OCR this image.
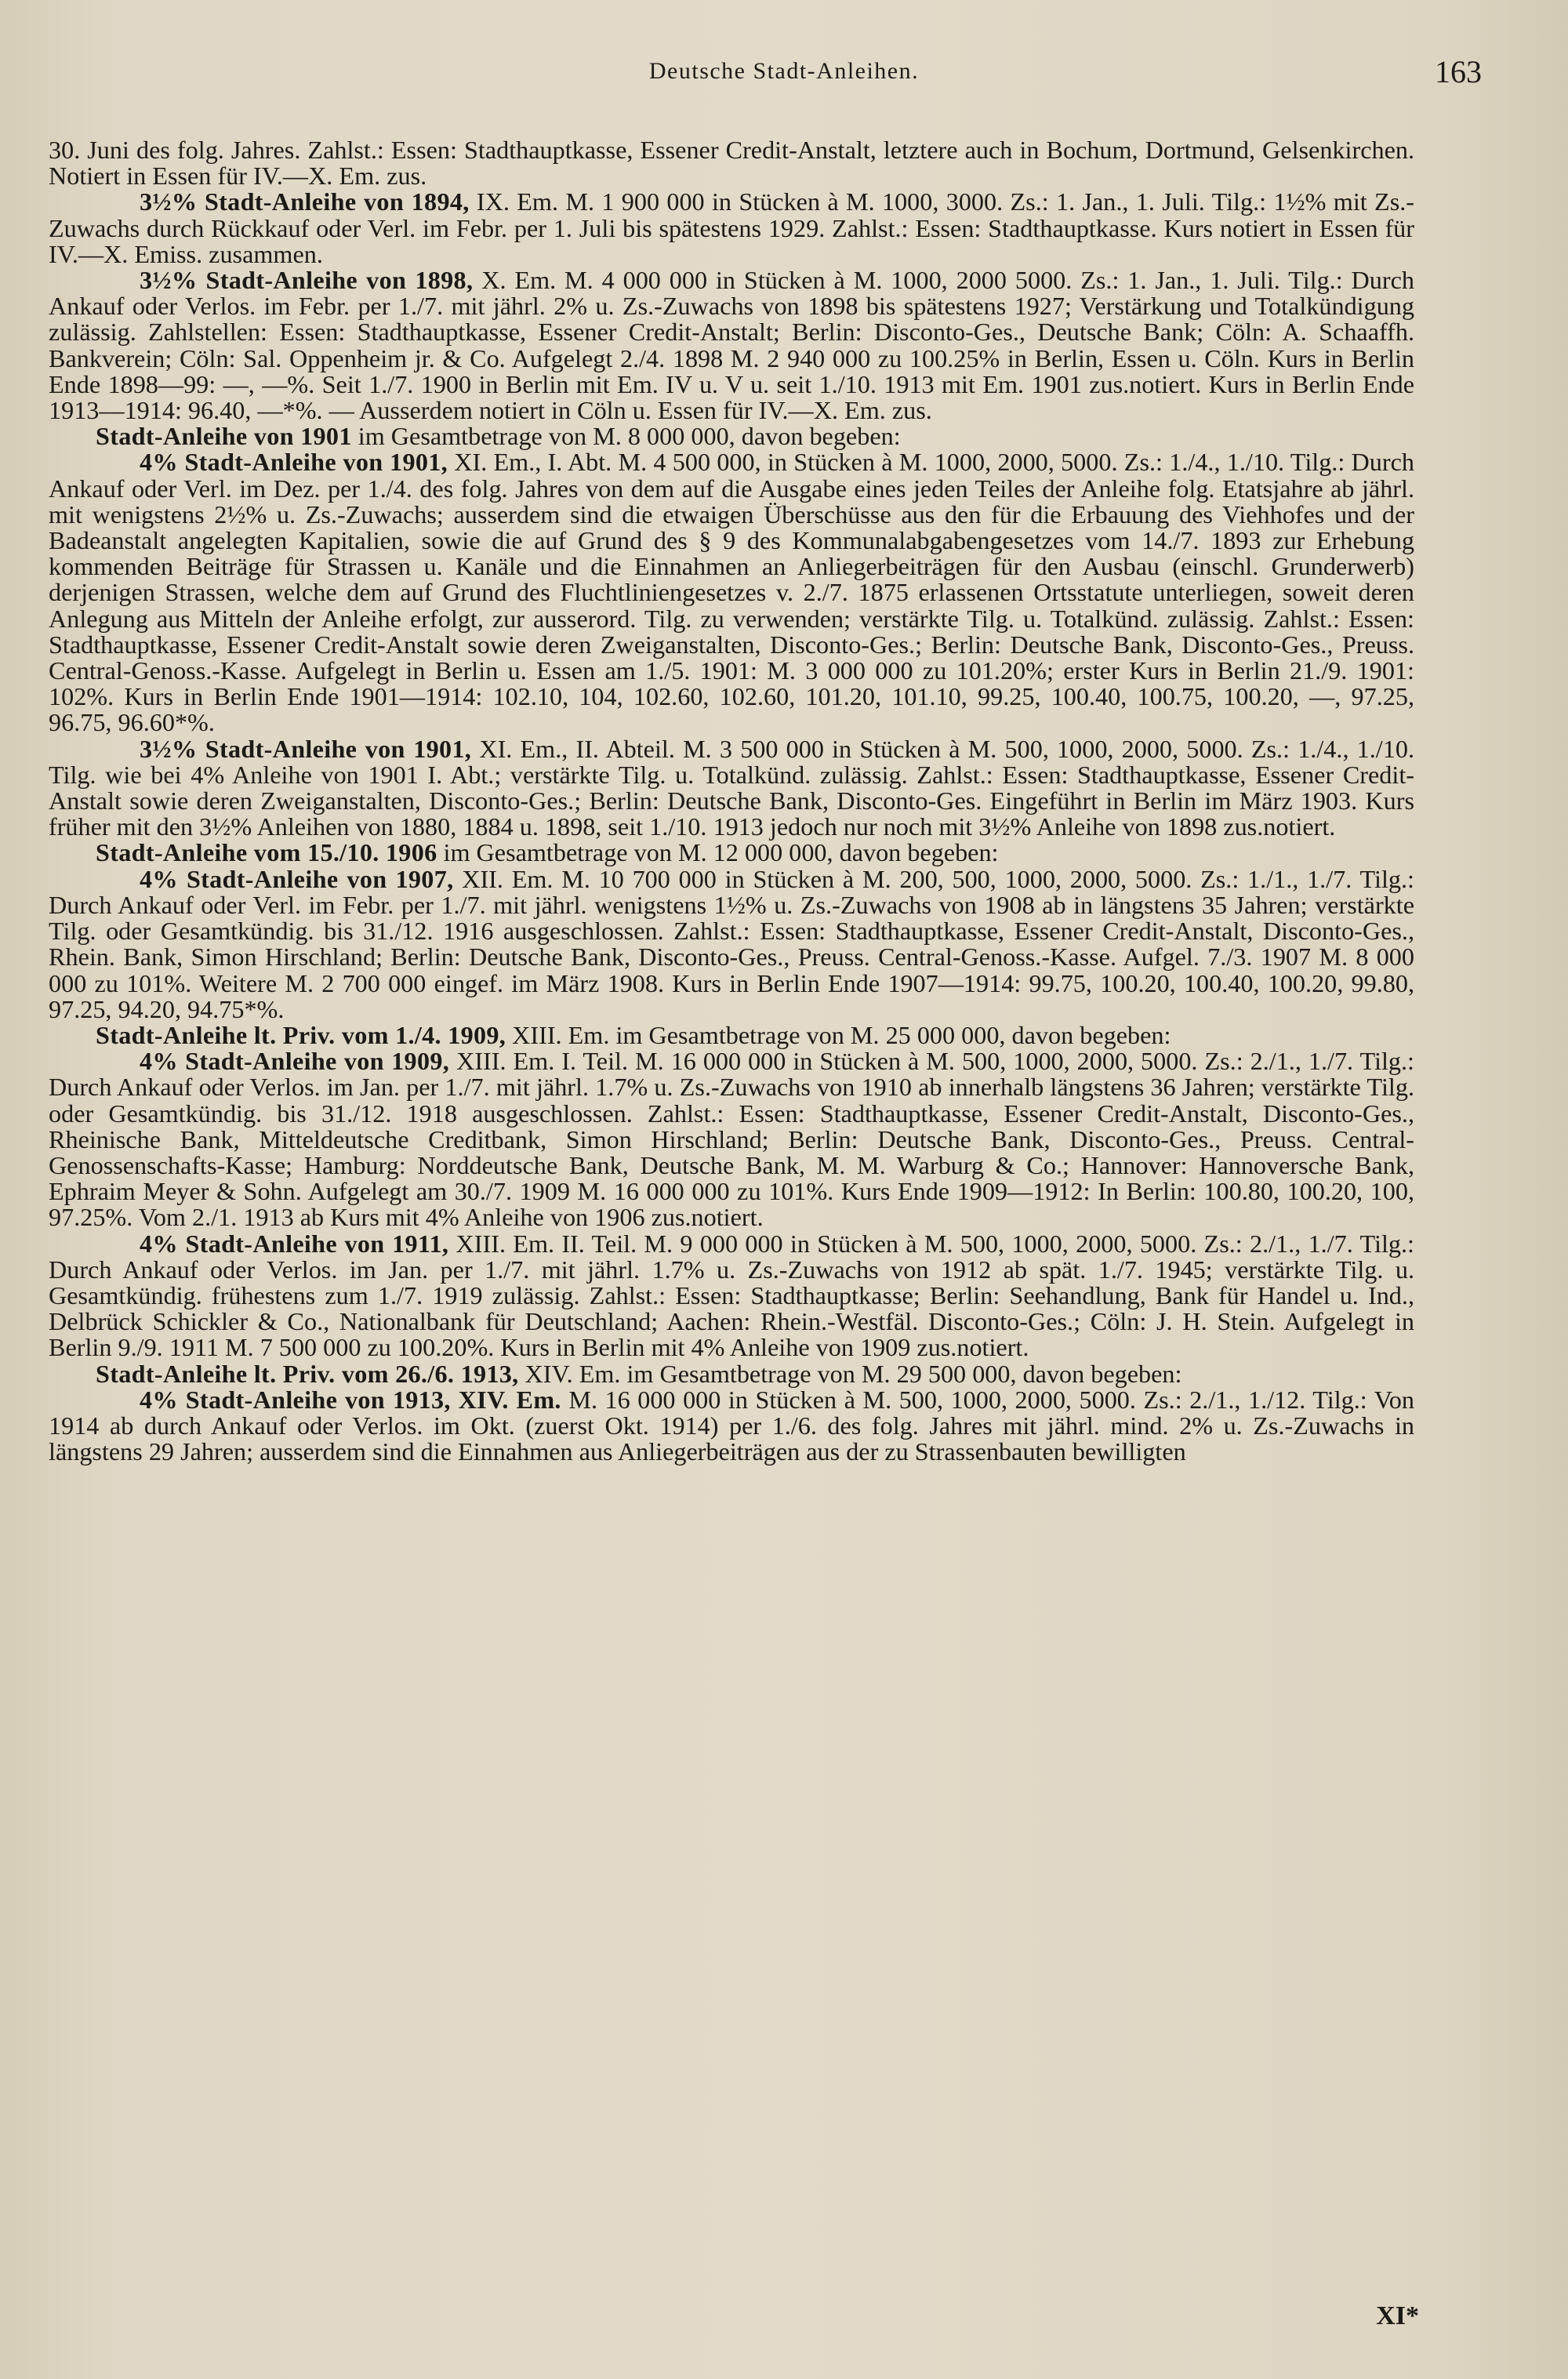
Deutsche Stadt-Anleihen.	163

30. Juni des folg. Jahres. Zahlst.: Essen: Stadthauptkasse, Essener Credit-Anstalt, letztere auch in Bochum, Dortmund, Gelsenkirchen. Notiert in Essen für IV.—X. Em. zus.

3½% Stadt-Anleihe von 1894, IX. Em. M. 1 900 000 in Stücken à M. 1000, 3000. Zs.: 1. Jan., 1. Juli. Tilg.: 1½% mit Zs.-Zuwachs durch Rückkauf oder Verl. im Febr. per 1. Juli bis spätestens 1929. Zahlst.: Essen: Stadthauptkasse. Kurs notiert in Essen für IV.—X. Emiss. zusammen.

3½% Stadt-Anleihe von 1898, X. Em. M. 4 000 000 in Stücken à M. 1000, 2000 5000. Zs.: 1. Jan., 1. Juli. Tilg.: Durch Ankauf oder Verlos. im Febr. per 1./7. mit jährl. 2% u. Zs.-Zuwachs von 1898 bis spätestens 1927; Verstärkung und Totalkündigung zulässig. Zahlstellen: Essen: Stadthauptkasse, Essener Credit-Anstalt; Berlin: Disconto-Ges., Deutsche Bank; Cöln: A. Schaaffh. Bankverein; Cöln: Sal. Oppenheim jr. & Co. Aufgelegt 2./4. 1898 M. 2 940 000 zu 100.25% in Berlin, Essen u. Cöln. Kurs in Berlin Ende 1898—99: —, —%. Seit 1./7. 1900 in Berlin mit Em. IV u. V u. seit 1./10. 1913 mit Em. 1901 zus.notiert. Kurs in Berlin Ende 1913—1914: 96.40, —*%. — Ausserdem notiert in Cöln u. Essen für IV.—X. Em. zus.

Stadt-Anleihe von 1901 im Gesamtbetrage von M. 8 000 000, davon begeben:

4% Stadt-Anleihe von 1901, XI. Em., I. Abt. M. 4 500 000, in Stücken à M. 1000, 2000, 5000. Zs.: 1./4., 1./10. Tilg.: Durch Ankauf oder Verl. im Dez. per 1./4. des folg. Jahres von dem auf die Ausgabe eines jeden Teiles der Anleihe folg. Etatsjahre ab jährl. mit wenigstens 2½% u. Zs.-Zuwachs; ausserdem sind die etwaigen Überschüsse aus den für die Erbauung des Viehhofes und der Badeanstalt angelegten Kapitalien, sowie die auf Grund des § 9 des Kommunalabgabengesetzes vom 14./7. 1893 zur Erhebung kommenden Beiträge für Strassen u. Kanäle und die Einnahmen an Anliegerbeiträgen für den Ausbau (einschl. Grunderwerb) derjenigen Strassen, welche dem auf Grund des Fluchtliniengesetzes v. 2./7. 1875 erlassenen Ortsstatute unterliegen, soweit deren Anlegung aus Mitteln der Anleihe erfolgt, zur ausserord. Tilg. zu verwenden; verstärkte Tilg. u. Totalkünd. zulässig. Zahlst.: Essen: Stadthauptkasse, Essener Credit-Anstalt sowie deren Zweiganstalten, Disconto-Ges.; Berlin: Deutsche Bank, Disconto-Ges., Preuss. Central-Genoss.-Kasse. Aufgelegt in Berlin u. Essen am 1./5. 1901: M. 3 000 000 zu 101.20%; erster Kurs in Berlin 21./9. 1901: 102%. Kurs in Berlin Ende 1901—1914: 102.10, 104, 102.60, 102.60, 101.20, 101.10, 99.25, 100.40, 100.75, 100.20, —, 97.25, 96.75, 96.60*%.

3½% Stadt-Anleihe von 1901, XI. Em., II. Abteil. M. 3 500 000 in Stücken à M. 500, 1000, 2000, 5000. Zs.: 1./4., 1./10. Tilg. wie bei 4% Anleihe von 1901 I. Abt.; verstärkte Tilg. u. Totalkünd. zulässig. Zahlst.: Essen: Stadthauptkasse, Essener Credit-Anstalt sowie deren Zweiganstalten, Disconto-Ges.; Berlin: Deutsche Bank, Disconto-Ges. Eingeführt in Berlin im März 1903. Kurs früher mit den 3½% Anleihen von 1880, 1884 u. 1898, seit 1./10. 1913 jedoch nur noch mit 3½% Anleihe von 1898 zus.notiert.

Stadt-Anleihe vom 15./10. 1906 im Gesamtbetrage von M. 12 000 000, davon begeben:

4% Stadt-Anleihe von 1907, XII. Em. M. 10 700 000 in Stücken à M. 200, 500, 1000, 2000, 5000. Zs.: 1./1., 1./7. Tilg.: Durch Ankauf oder Verl. im Febr. per 1./7. mit jährl. wenigstens 1½% u. Zs.-Zuwachs von 1908 ab in längstens 35 Jahren; verstärkte Tilg. oder Gesamtkündig. bis 31./12. 1916 ausgeschlossen. Zahlst.: Essen: Stadthauptkasse, Essener Credit-Anstalt, Disconto-Ges., Rhein. Bank, Simon Hirschland; Berlin: Deutsche Bank, Disconto-Ges., Preuss. Central-Genoss.-Kasse. Aufgel. 7./3. 1907 M. 8 000 000 zu 101%. Weitere M. 2 700 000 eingef. im März 1908. Kurs in Berlin Ende 1907—1914: 99.75, 100.20, 100.40, 100.20, 99.80, 97.25, 94.20, 94.75*%.

Stadt-Anleihe lt. Priv. vom 1./4. 1909, XIII. Em. im Gesamtbetrage von M. 25 000 000, davon begeben:

4% Stadt-Anleihe von 1909, XIII. Em. I. Teil. M. 16 000 000 in Stücken à M. 500, 1000, 2000, 5000. Zs.: 2./1., 1./7. Tilg.: Durch Ankauf oder Verlos. im Jan. per 1./7. mit jährl. 1.7% u. Zs.-Zuwachs von 1910 ab innerhalb längstens 36 Jahren; verstärkte Tilg. oder Gesamtkündig. bis 31./12. 1918 ausgeschlossen. Zahlst.: Essen: Stadthauptkasse, Essener Credit-Anstalt, Disconto-Ges., Rheinische Bank, Mitteldeutsche Creditbank, Simon Hirschland; Berlin: Deutsche Bank, Disconto-Ges., Preuss. Central-Genossenschafts-Kasse; Hamburg: Norddeutsche Bank, Deutsche Bank, M. M. Warburg & Co.; Hannover: Hannoversche Bank, Ephraim Meyer & Sohn. Aufgelegt am 30./7. 1909 M. 16 000 000 zu 101%. Kurs Ende 1909—1912: In Berlin: 100.80, 100.20, 100, 97.25%. Vom 2./1. 1913 ab Kurs mit 4% Anleihe von 1906 zus.notiert.

4% Stadt-Anleihe von 1911, XIII. Em. II. Teil. M. 9 000 000 in Stücken à M. 500, 1000, 2000, 5000. Zs.: 2./1., 1./7. Tilg.: Durch Ankauf oder Verlos. im Jan. per 1./7. mit jährl. 1.7% u. Zs.-Zuwachs von 1912 ab spät. 1./7. 1945; verstärkte Tilg. u. Gesamtkündig. frühestens zum 1./7. 1919 zulässig. Zahlst.: Essen: Stadthauptkasse; Berlin: Seehandlung, Bank für Handel u. Ind., Delbrück Schickler & Co., Nationalbank für Deutschland; Aachen: Rhein.-Westfäl. Disconto-Ges.; Cöln: J. H. Stein. Aufgelegt in Berlin 9./9. 1911 M. 7 500 000 zu 100.20%. Kurs in Berlin mit 4% Anleihe von 1909 zus.notiert.

Stadt-Anleihe lt. Priv. vom 26./6. 1913, XIV. Em. im Gesamtbetrage von M. 29 500 000, davon begeben:

4% Stadt-Anleihe von 1913, XIV. Em. M. 16 000 000 in Stücken à M. 500, 1000, 2000, 5000. Zs.: 2./1., 1./12. Tilg.: Von 1914 ab durch Ankauf oder Verlos. im Okt. (zuerst Okt. 1914) per 1./6. des folg. Jahres mit jährl. mind. 2% u. Zs.-Zuwachs in längstens 29 Jahren; ausserdem sind die Einnahmen aus Anliegerbeiträgen aus der zu Strassenbauten bewilligten

XI*
